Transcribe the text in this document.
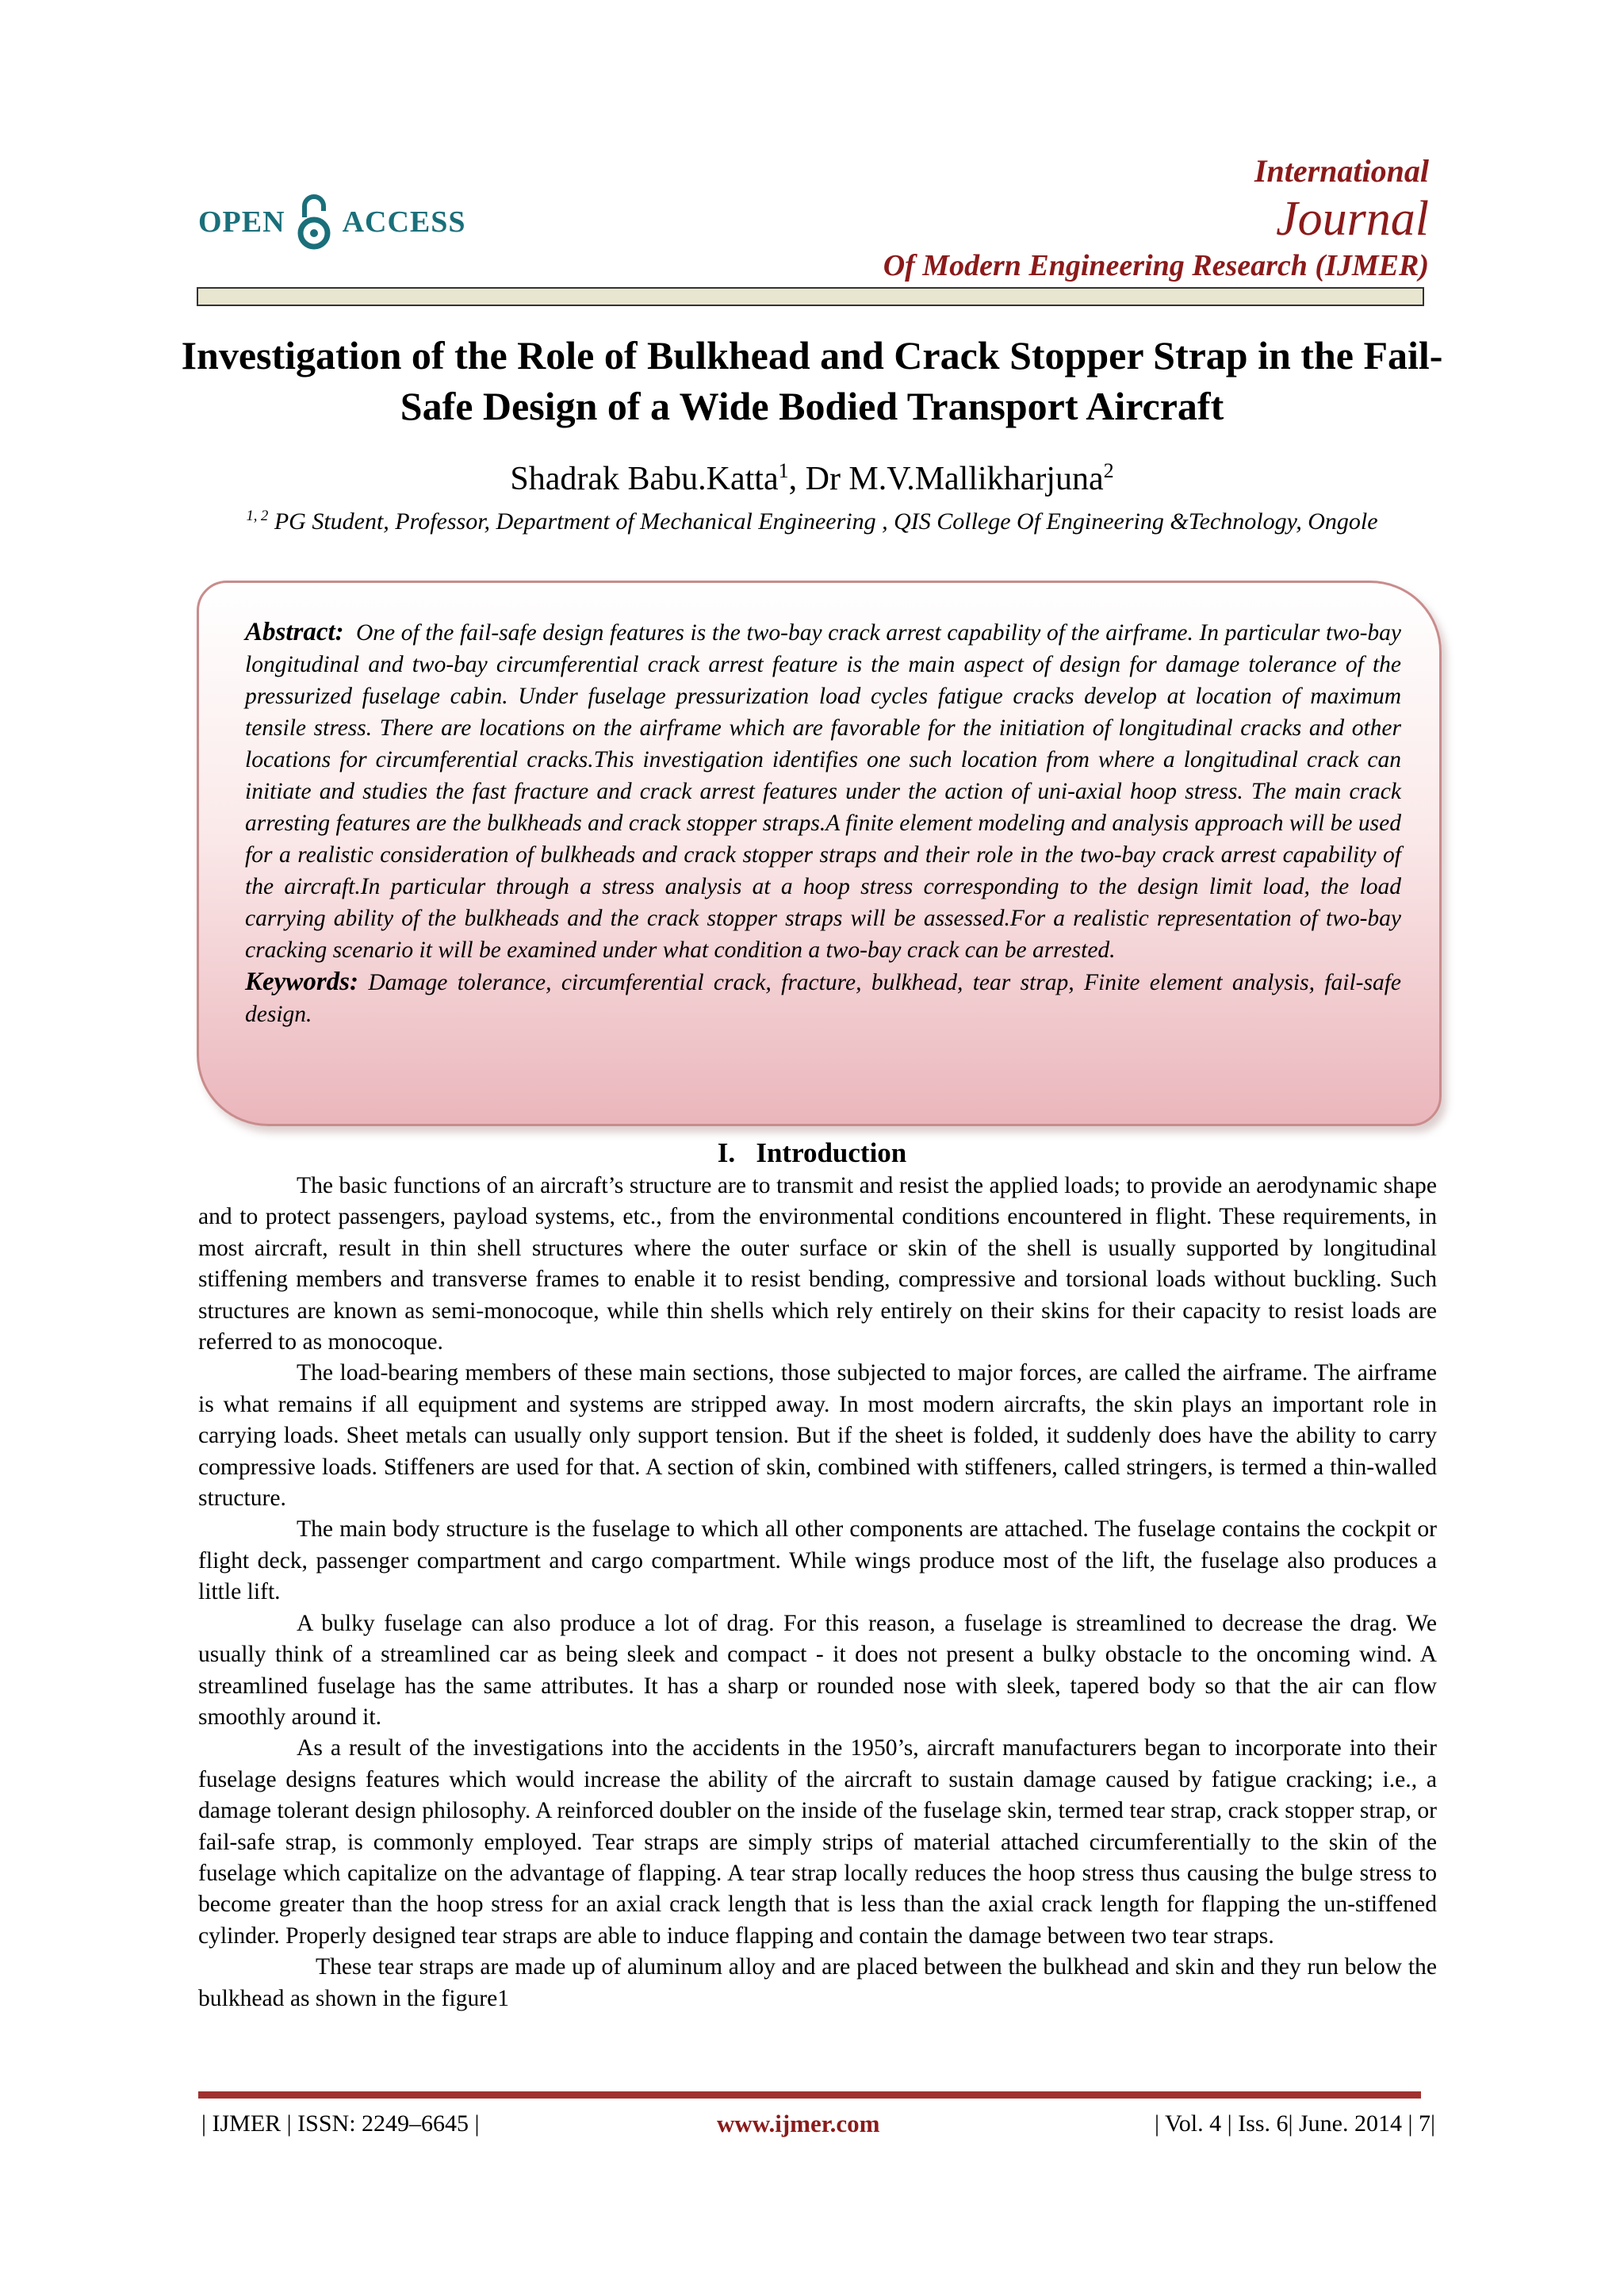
OPEN ACCESS
International
Journal
Of Modern Engineering Research (IJMER)
Investigation of the Role of Bulkhead and Crack Stopper Strap in the Fail-Safe Design of a Wide Bodied Transport Aircraft
Shadrak Babu.Katta$^1$, Dr M.V.Mallikharjuna$^2$
$^{1, 2}$ PG Student, Professor, Department of Mechanical Engineering , QIS College Of Engineering &Technology, Ongole

Abstract: One of the fail-safe design features is the two-bay crack arrest capability of the airframe. In particular two-bay longitudinal and two-bay circumferential crack arrest feature is the main aspect of design for damage tolerance of the pressurized fuselage cabin. Under fuselage pressurization load cycles fatigue cracks develop at location of maximum tensile stress. There are locations on the airframe which are favorable for the initiation of longitudinal cracks and other locations for circumferential cracks.This investigation identifies one such location from where a longitudinal crack can initiate and studies the fast fracture and crack arrest features under the action of uni-axial hoop stress. The main crack arresting features are the bulkheads and crack stopper straps.A finite element modeling and analysis approach will be used for a realistic consideration of bulkheads and crack stopper straps and their role in the two-bay crack arrest capability of the aircraft.In particular through a stress analysis at a hoop stress corresponding to the design limit load, the load carrying ability of the bulkheads and the crack stopper straps will be assessed.For a realistic representation of two-bay cracking scenario it will be examined under what condition a two-bay crack can be arrested.

Keywords: Damage tolerance, circumferential crack, fracture, bulkhead, tear strap, Finite element analysis, fail-safe design.

I.   Introduction

The basic functions of an aircraft’s structure are to transmit and resist the applied loads; to provide an aerodynamic shape and to protect passengers, payload systems, etc., from the environmental conditions encountered in flight. These requirements, in most aircraft, result in thin shell structures where the outer surface or skin of the shell is usually supported by longitudinal stiffening members and transverse frames to enable it to resist bending, compressive and torsional loads without buckling. Such structures are known as semi-monocoque, while thin shells which rely entirely on their skins for their capacity to resist loads are referred to as monocoque.

The load-bearing members of these main sections, those subjected to major forces, are called the airframe. The airframe is what remains if all equipment and systems are stripped away. In most modern aircrafts, the skin plays an important role in carrying loads. Sheet metals can usually only support tension. But if the sheet is folded, it suddenly does have the ability to carry compressive loads. Stiffeners are used for that. A section of skin, combined with stiffeners, called stringers, is termed a thin-walled structure.

The main body structure is the fuselage to which all other components are attached. The fuselage contains the cockpit or flight deck, passenger compartment and cargo compartment. While wings produce most of the lift, the fuselage also produces a little lift.

A bulky fuselage can also produce a lot of drag. For this reason, a fuselage is streamlined to decrease the drag. We usually think of a streamlined car as being sleek and compact - it does not present a bulky obstacle to the oncoming wind. A streamlined fuselage has the same attributes. It has a sharp or rounded nose with sleek, tapered body so that the air can flow smoothly around it.

As a result of the investigations into the accidents in the 1950’s, aircraft manufacturers began to incorporate into their fuselage designs features which would increase the ability of the aircraft to sustain damage caused by fatigue cracking; i.e., a damage tolerant design philosophy. A reinforced doubler on the inside of the fuselage skin, termed tear strap, crack stopper strap, or fail-safe strap, is commonly employed. Tear straps are simply strips of material attached circumferentially to the skin of the fuselage which capitalize on the advantage of flapping. A tear strap locally reduces the hoop stress thus causing the bulge stress to become greater than the hoop stress for an axial crack length that is less than the axial crack length for flapping the un-stiffened cylinder. Properly designed tear straps are able to induce flapping and contain the damage between two tear straps.

These tear straps are made up of aluminum alloy and are placed between the bulkhead and skin and they run below the bulkhead as shown in the figure1

| IJMER | ISSN: 2249–6645 |	www.ijmer.com	| Vol. 4 | Iss. 6| June. 2014 | 7|
